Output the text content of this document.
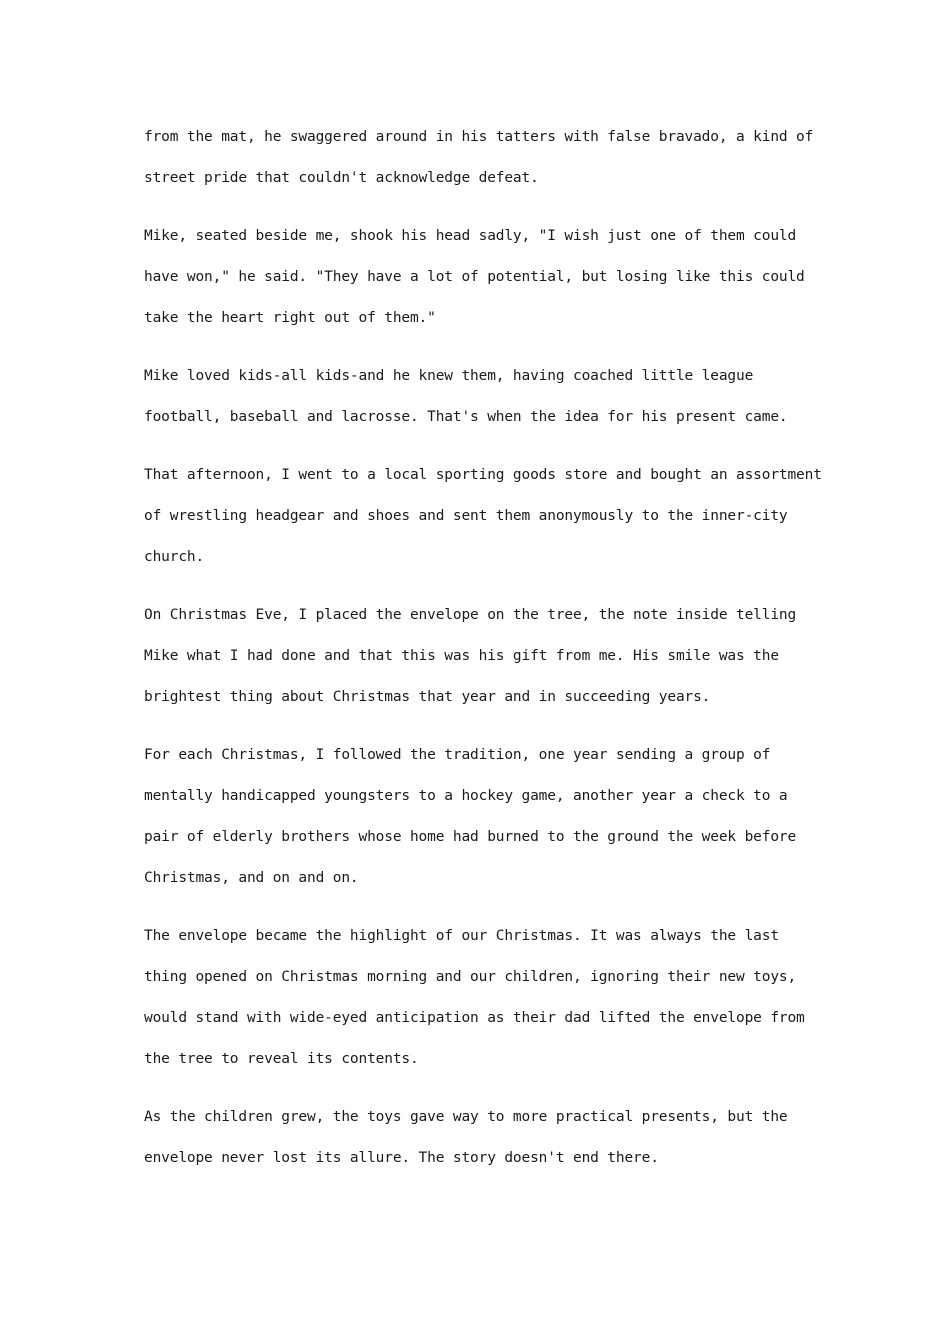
from the mat, he swaggered around in his tatters with false bravado, a kind of
street pride that couldn't acknowledge defeat.
Mike, seated beside me, shook his head sadly, "I wish just one of them could
have won," he said. "They have a lot of potential, but losing like this could
take the heart right out of them."
Mike loved kids-all kids-and he knew them, having coached little league
football, baseball and lacrosse. That's when the idea for his present came.
That afternoon, I went to a local sporting goods store and bought an assortment
of wrestling headgear and shoes and sent them anonymously to the inner-city
church.
On Christmas Eve, I placed the envelope on the tree, the note inside telling
Mike what I had done and that this was his gift from me. His smile was the
brightest thing about Christmas that year and in succeeding years.
For each Christmas, I followed the tradition, one year sending a group of
mentally handicapped youngsters to a hockey game, another year a check to a
pair of elderly brothers whose home had burned to the ground the week before
Christmas, and on and on.
The envelope became the highlight of our Christmas. It was always the last
thing opened on Christmas morning and our children, ignoring their new toys,
would stand with wide-eyed anticipation as their dad lifted the envelope from
the tree to reveal its contents.
As the children grew, the toys gave way to more practical presents, but the
envelope never lost its allure. The story doesn't end there.
